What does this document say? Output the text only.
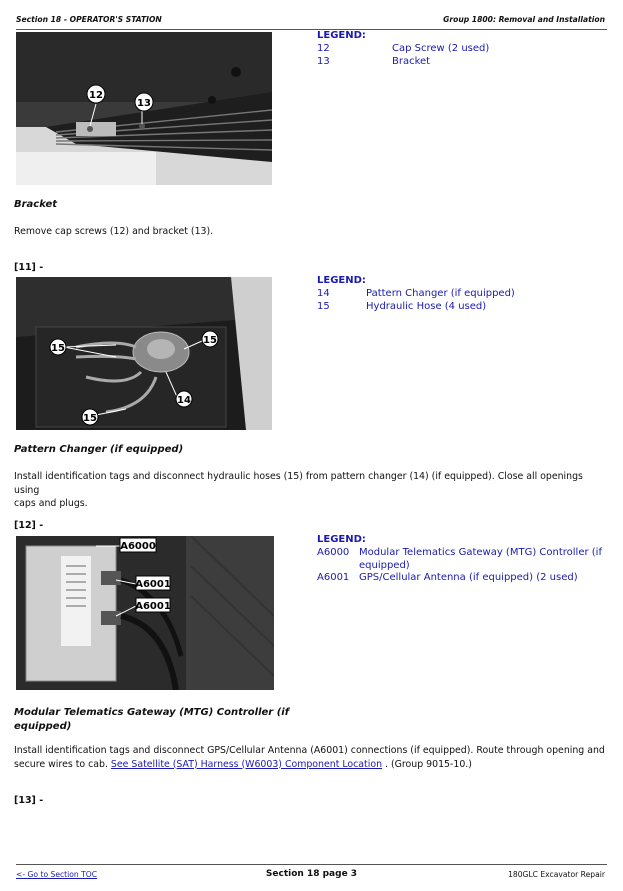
Section 18 - OPERATOR'S STATION	Group 1800: Removal and Installation
12
13
LEGEND:
12	Cap Screw (2 used)
13	Bracket
Bracket
Remove cap screws (12) and bracket (13).
[11] -
15
15
15
14
LEGEND:
14	Pattern Changer (if equipped)
15	Hydraulic Hose (4 used)
Pattern Changer (if equipped)
Install identification tags and disconnect hydraulic hoses (15) from pattern changer (14) (if equipped). Close all openings using
caps and plugs.
[12] -
A6000
A6001
A6001
LEGEND:
A6000 Modular Telematics Gateway (MTG) Controller (if
equipped)
A6001 GPS/Cellular Antenna (if equipped) (2 used)
Modular Telematics Gateway (MTG) Controller (if
equipped)
Install identification tags and disconnect GPS/Cellular Antenna (A6001) connections (if equipped). Route through opening and
secure wires to cab. See Satellite (SAT) Harness (W6003) Component Location . (Group 9015-10.)
[13] -
<- Go to Section TOC	Section 18 page 3	180GLC Excavator Repair
